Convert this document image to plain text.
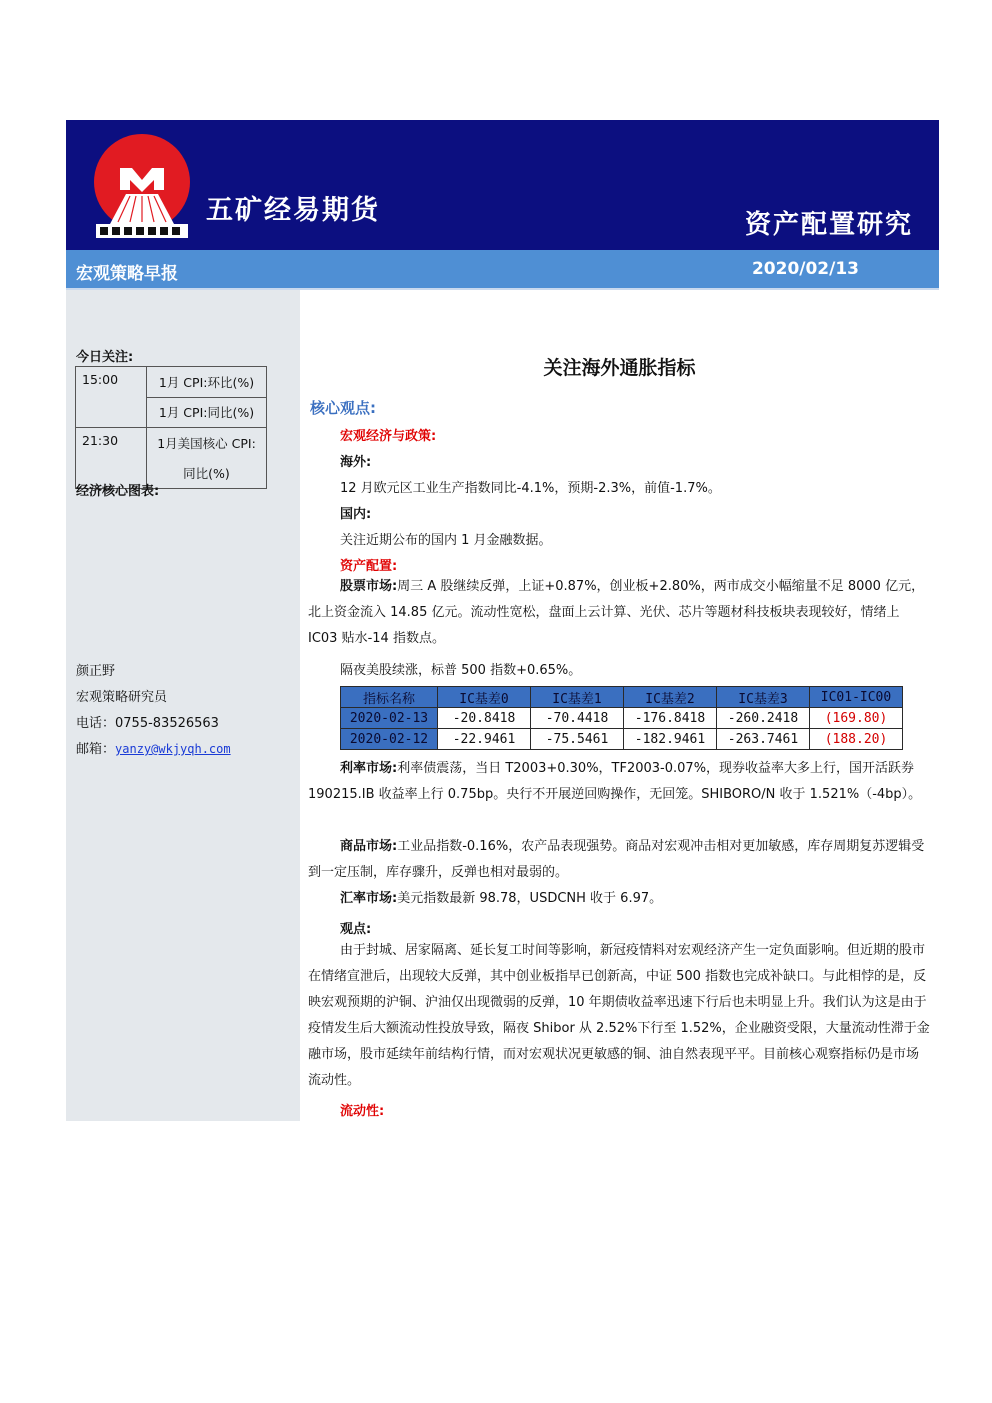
五矿经易期货	资产配置研究
宏观策略早报	2020/02/13
今日关注:
15:00	1月 CPI:环比(%)
	1月 CPI:同比(%)
21:30	1月美国核心 CPI:
	同比(%)
经济核心图表:
颜正野
宏观策略研究员
电话：0755-83526563
邮箱：yanzy@wkjyqh.com
关注海外通胀指标
核心观点:
宏观经济与政策:
海外:
12 月欧元区工业生产指数同比-4.1%，预期-2.3%，前值-1.7%。
国内:
关注近期公布的国内 1 月金融数据。
资产配置:
股票市场:周三 A 股继续反弹，上证+0.87%，创业板+2.80%，两市成交小幅缩量不足 8000 亿元，北上资金流入 14.85 亿元。流动性宽松，盘面上云计算、光伏、芯片等题材科技板块表现较好，情绪上 IC03 贴水-14 指数点。
隔夜美股续涨，标普 500 指数+0.65%。
指标名称	IC基差0	IC基差1	IC基差2	IC基差3	IC01-IC00
2020-02-13	-20.8418	-70.4418	-176.8418	-260.2418	(169.80)
2020-02-12	-22.9461	-75.5461	-182.9461	-263.7461	(188.20)
利率市场:利率债震荡，当日 T2003+0.30%，TF2003-0.07%，现券收益率大多上行，国开活跃券 190215.IB 收益率上行 0.75bp。央行不开展逆回购操作，无回笼。SHIBORO/N 收于 1.521%（-4bp）。
商品市场:工业品指数-0.16%，农产品表现强势。商品对宏观冲击相对更加敏感，库存周期复苏逻辑受到一定压制，库存骤升，反弹也相对最弱的。
汇率市场:美元指数最新 98.78，USDCNH 收于 6.97。
观点:
由于封城、居家隔离、延长复工时间等影响，新冠疫情料对宏观经济产生一定负面影响。但近期的股市在情绪宣泄后，出现较大反弹，其中创业板指早已创新高，中证 500 指数也完成补缺口。与此相悖的是，反映宏观预期的沪铜、沪油仅出现微弱的反弹，10 年期债收益率迅速下行后也未明显上升。我们认为这是由于疫情发生后大额流动性投放导致，隔夜 Shibor 从 2.52%下行至 1.52%，企业融资受限，大量流动性滞于金融市场，股市延续年前结构行情，而对宏观状况更敏感的铜、油自然表现平平。目前核心观察指标仍是市场流动性。
流动性:
